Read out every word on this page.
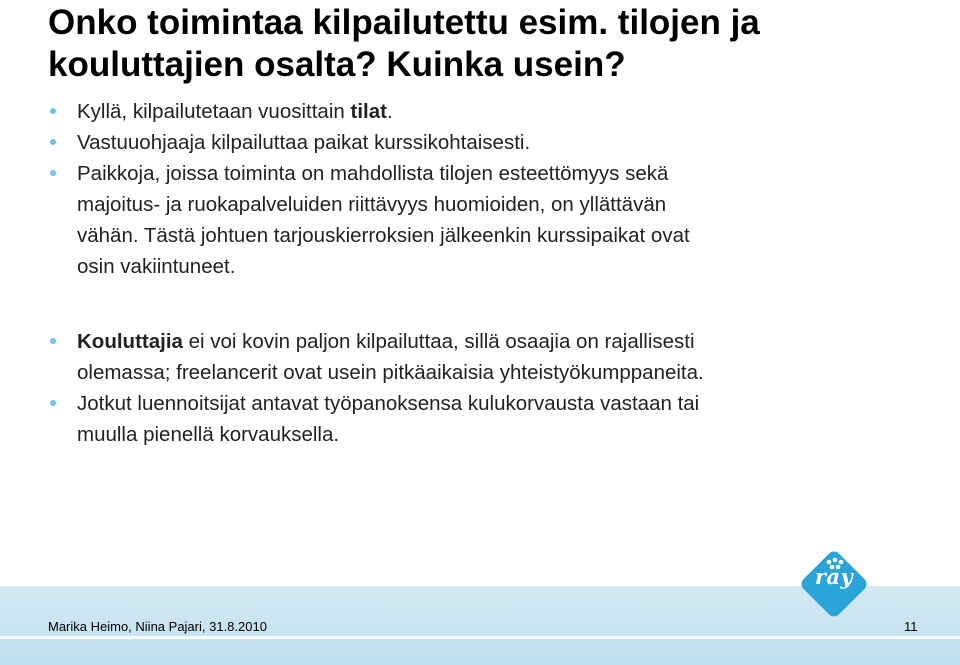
Onko toimintaa kilpailutettu esim. tilojen ja
kouluttajien osalta? Kuinka usein?
Kyllä, kilpailutetaan vuosittain tilat.
Vastuuohjaaja kilpailuttaa paikat kurssikohtaisesti.
Paikkoja, joissa toiminta on mahdollista tilojen esteettömyys sekä
majoitus- ja ruokapalveluiden riittävyys huomioiden, on yllättävän
vähän. Tästä johtuen tarjouskierroksien jälkeenkin kurssipaikat ovat
osin vakiintuneet.
Kouluttajia ei voi kovin paljon kilpailuttaa, sillä osaajia on rajallisesti
olemassa; freelancerit ovat usein pitkäaikaisia yhteistyökumppaneita.
Jotkut luennoitsijat antavat työpanoksensa kulukorvausta vastaan tai
muulla pienellä korvauksella.
ray
Marika Heimo, Niina Pajari, 31.8.2010	11
